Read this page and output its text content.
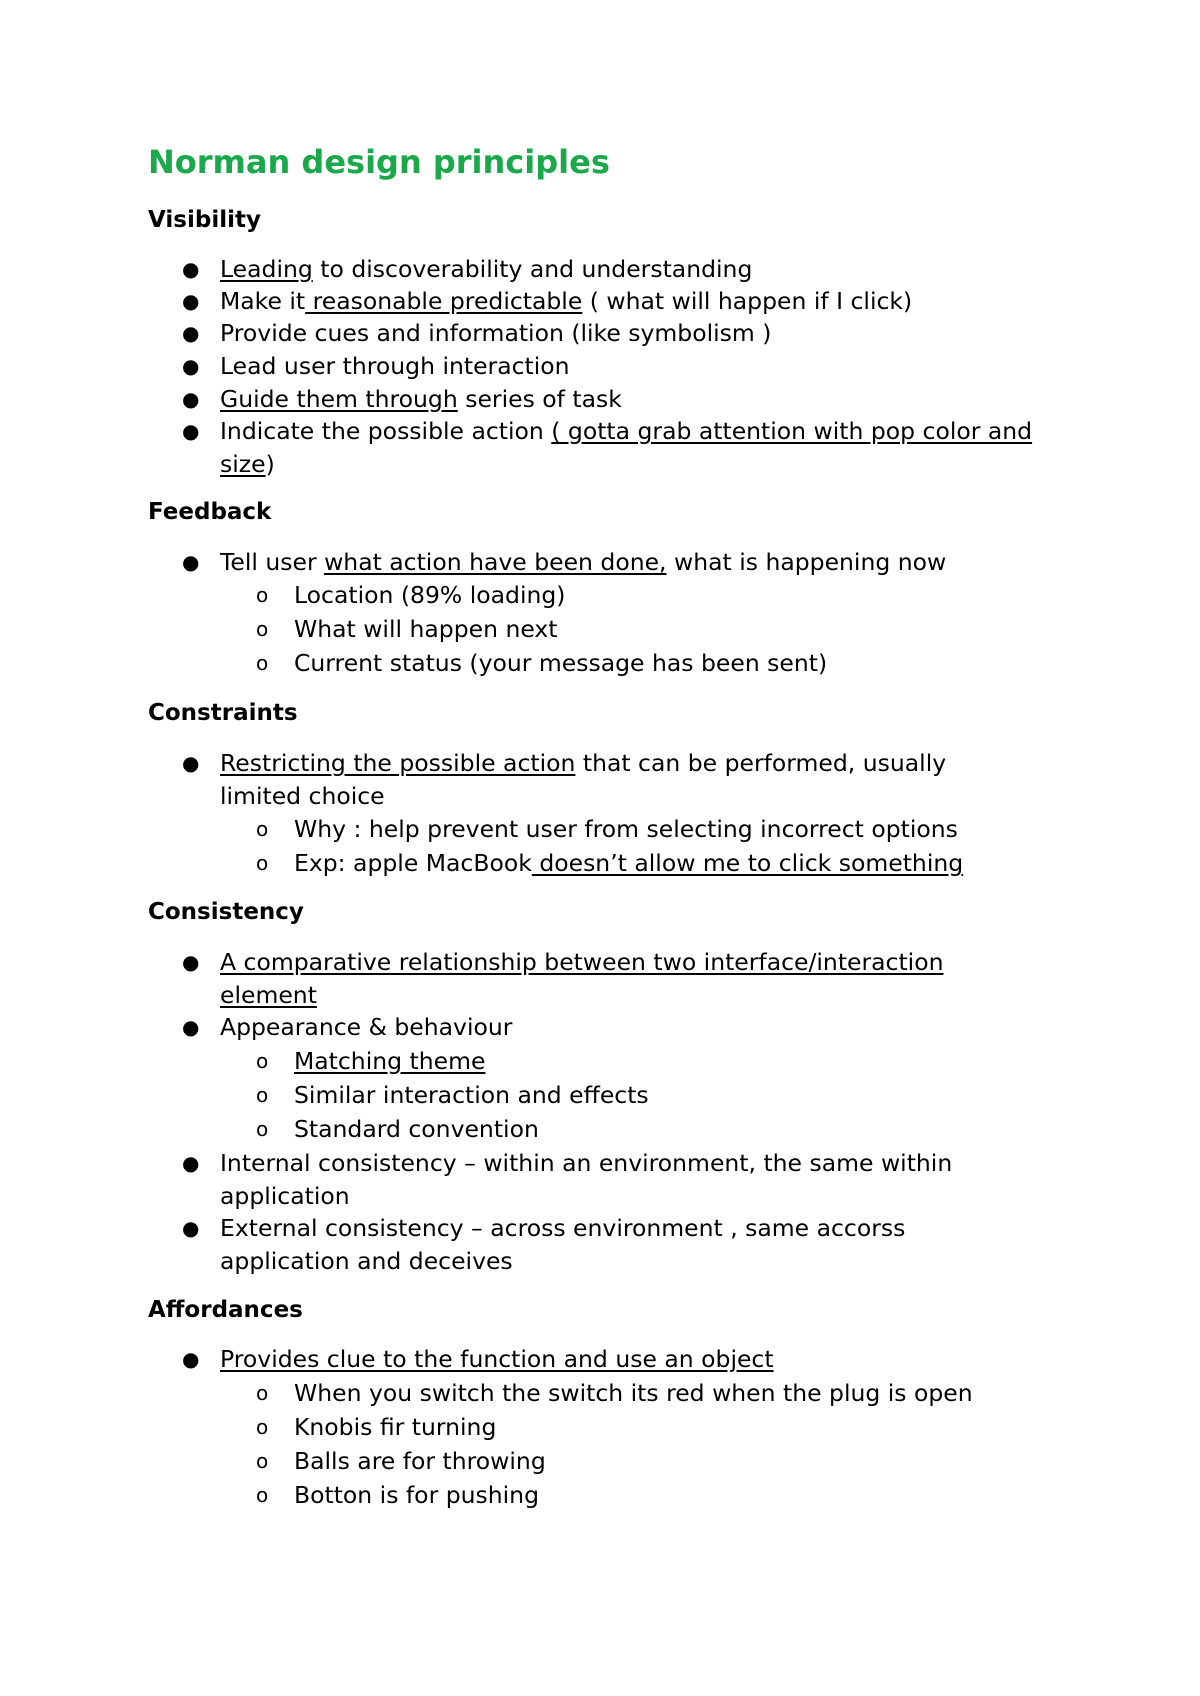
Norman design principles
Visibility
● Leading to discoverability and understanding
● Make it reasonable predictable ( what will happen if I click)
● Provide cues and information (like symbolism )
● Lead user through interaction
● Guide them through series of task
● Indicate the possible action ( gotta grab attention with pop color and
size)
Feedback
● Tell user what action have been done, what is happening now
o Location (89% loading)
o What will happen next
o Current status (your message has been sent)
Constraints
● Restricting the possible action that can be performed, usually
limited choice
o Why : help prevent user from selecting incorrect options
o Exp: apple MacBook doesn’t allow me to click something
Consistency
● A comparative relationship between two interface/interaction
element
● Appearance & behaviour
o Matching theme
o Similar interaction and effects
o Standard convention
● Internal consistency – within an environment, the same within
application
● External consistency – across environment , same accorss
application and deceives
Affordances
● Provides clue to the function and use an object
o When you switch the switch its red when the plug is open
o Knobis fir turning
o Balls are for throwing
o Botton is for pushing
